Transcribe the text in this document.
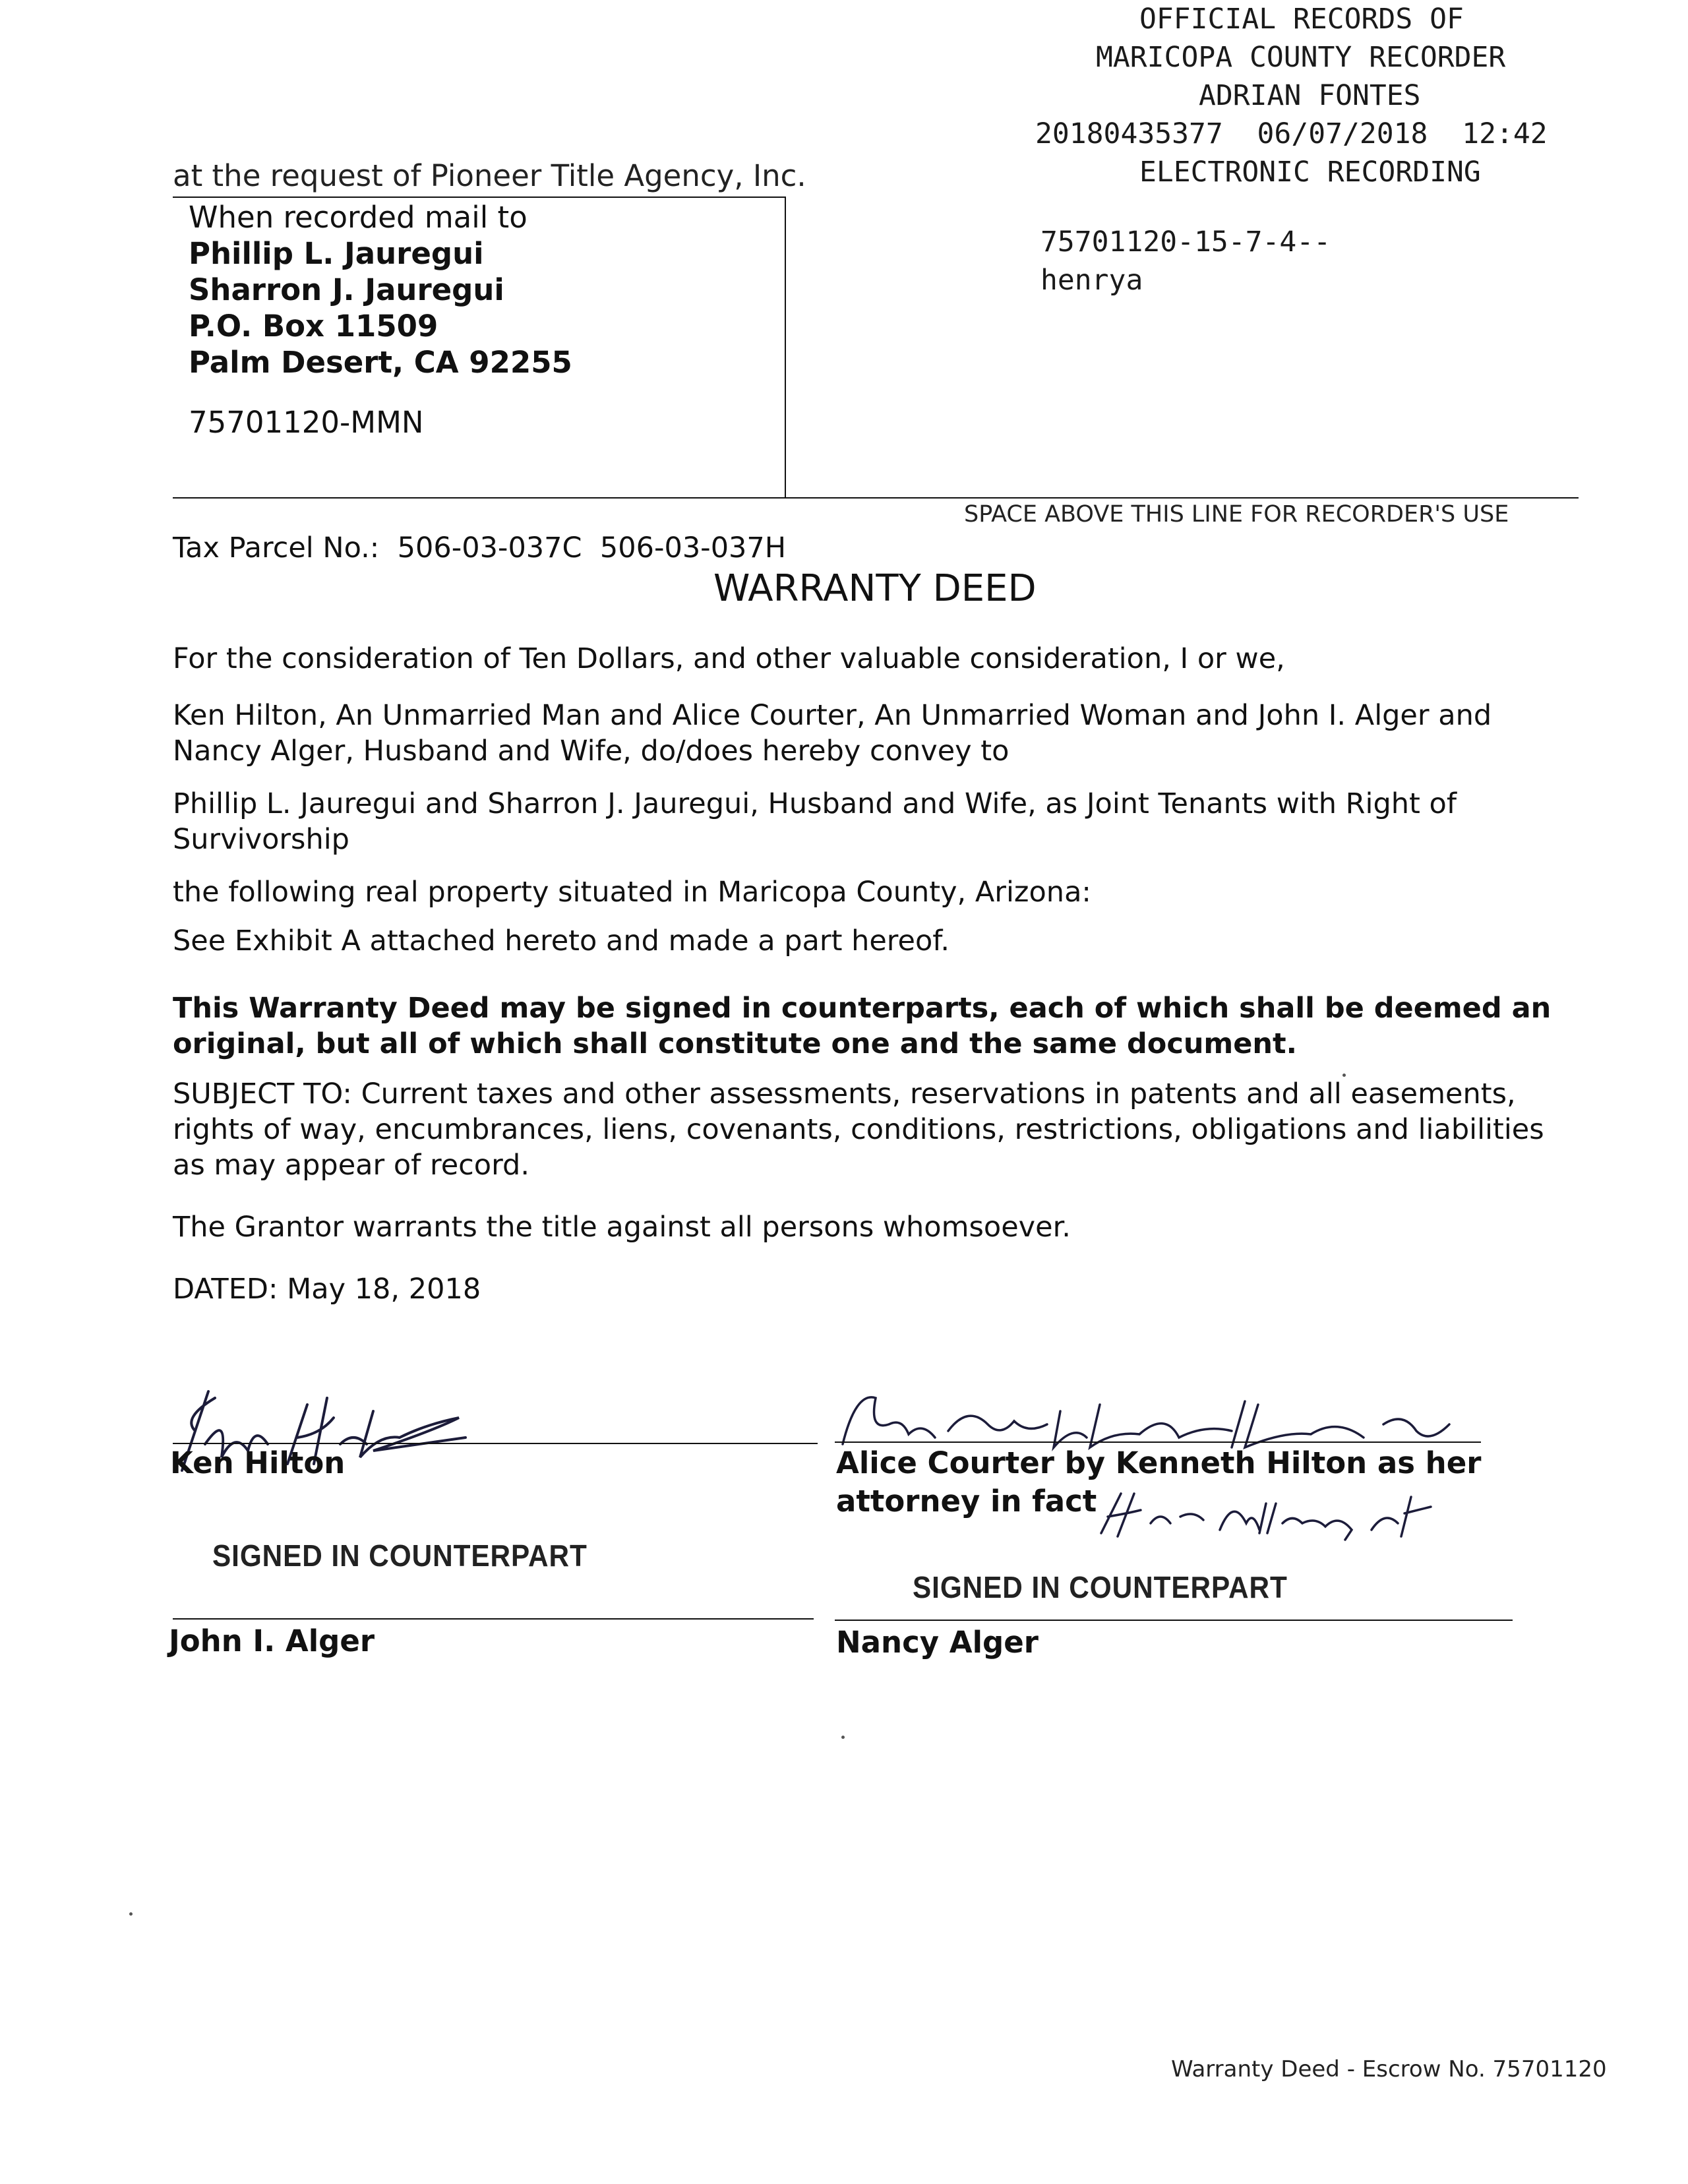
OFFICIAL RECORDS OF
MARICOPA COUNTY RECORDER
ADRIAN FONTES
20180435377  06/07/2018  12:42
ELECTRONIC RECORDING
75701120-15-7-4--
henrya
at the request of Pioneer Title Agency, Inc.
When recorded mail to
Phillip L. Jauregui
Sharron J. Jauregui
P.O. Box 11509
Palm Desert, CA 92255
75701120-MMN
SPACE ABOVE THIS LINE FOR RECORDER'S USE
Tax Parcel No.:  506-03-037C  506-03-037H
WARRANTY DEED
For the consideration of Ten Dollars, and other valuable consideration, I or we,
Ken Hilton, An Unmarried Man and Alice Courter, An Unmarried Woman and John I. Alger and Nancy Alger, Husband and Wife, do/does hereby convey to
Phillip L. Jauregui and Sharron J. Jauregui, Husband and Wife, as Joint Tenants with Right of Survivorship
the following real property situated in Maricopa County, Arizona:
See Exhibit A attached hereto and made a part hereof.
This Warranty Deed may be signed in counterparts, each of which shall be deemed an original, but all of which shall constitute one and the same document.
SUBJECT TO: Current taxes and other assessments, reservations in patents and all easements, rights of way, encumbrances, liens, covenants, conditions, restrictions, obligations and liabilities as may appear of record.
The Grantor warrants the title against all persons whomsoever.
DATED: May 18, 2018
Ken Hilton	Alice Courter by Kenneth Hilton as her
attorney in fact
SIGNED IN COUNTERPART
SIGNED IN COUNTERPART
John I. Alger	Nancy Alger
Warranty Deed - Escrow No. 75701120
